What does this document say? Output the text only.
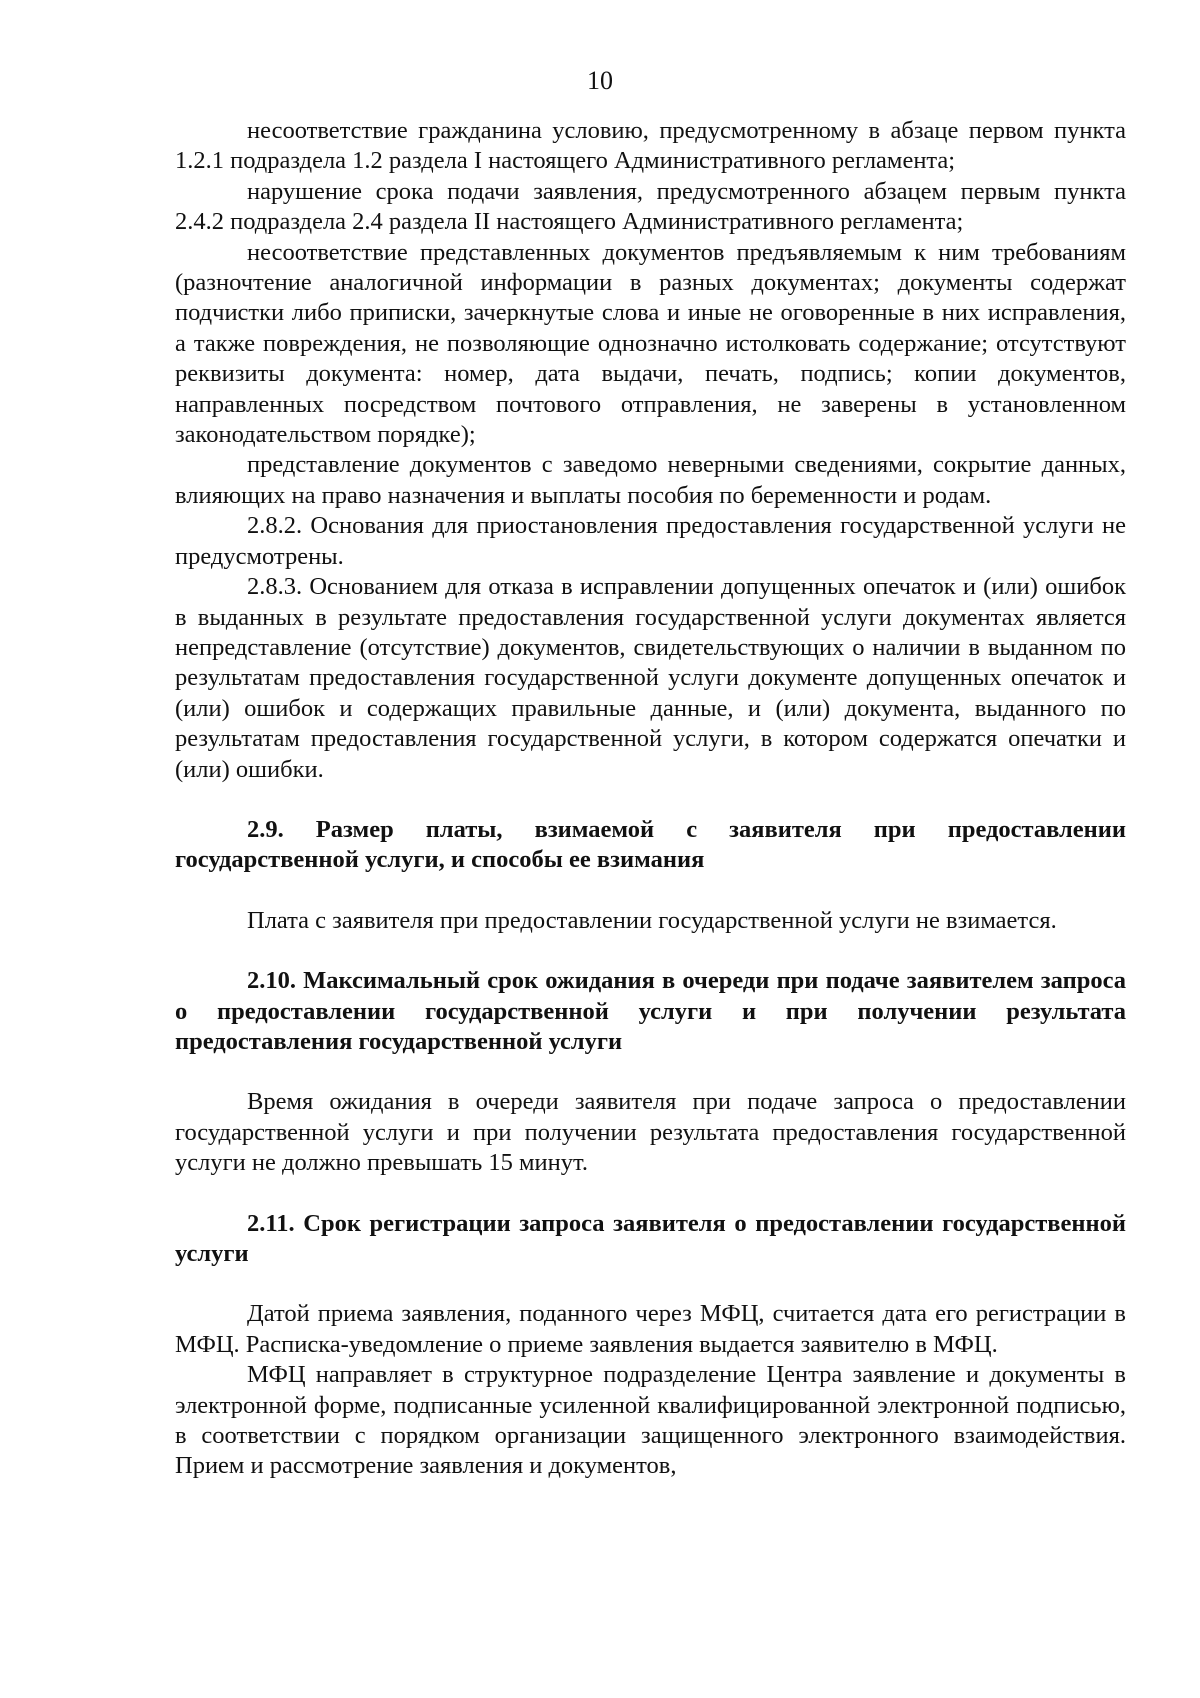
10

несоответствие гражданина условию, предусмотренному в абзаце первом пункта 1.2.1 подраздела 1.2 раздела I настоящего Административного регламента;

нарушение срока подачи заявления, предусмотренного абзацем первым пункта 2.4.2 подраздела 2.4 раздела II настоящего Административного регламента;

несоответствие представленных документов предъявляемым к ним требованиям (разночтение аналогичной информации в разных документах; документы содержат подчистки либо приписки, зачеркнутые слова и иные не оговоренные в них исправления, а также повреждения, не позволяющие однозначно истолковать содержание; отсутствуют реквизиты документа: номер, дата выдачи, печать, подпись; копии документов, направленных посредством почтового отправления, не заверены в установленном законодательством порядке);

представление документов с заведомо неверными сведениями, сокрытие данных, влияющих на право назначения и выплаты пособия по беременности и родам.

2.8.2. Основания для приостановления предоставления государственной услуги не предусмотрены.

2.8.3. Основанием для отказа в исправлении допущенных опечаток и (или) ошибок в выданных в результате предоставления государственной услуги документах является непредставление (отсутствие) документов, свидетельствующих о наличии в выданном по результатам предоставления государственной услуги документе допущенных опечаток и (или) ошибок и содержащих правильные данные, и (или) документа, выданного по результатам предоставления государственной услуги, в котором содержатся опечатки и (или) ошибки.

2.9. Размер платы, взимаемой с заявителя при предоставлении государственной услуги, и способы ее взимания

Плата с заявителя при предоставлении государственной услуги не взимается.

2.10. Максимальный срок ожидания в очереди при подаче заявителем запроса о предоставлении государственной услуги и при получении результата предоставления государственной услуги

Время ожидания в очереди заявителя при подаче запроса о предоставлении государственной услуги и при получении результата предоставления государственной услуги не должно превышать 15 минут.

2.11. Срок регистрации запроса заявителя о предоставлении государственной услуги

Датой приема заявления, поданного через МФЦ, считается дата его регистрации в МФЦ. Расписка-уведомление о приеме заявления выдается заявителю в МФЦ.

МФЦ направляет в структурное подразделение Центра заявление и документы в электронной форме, подписанные усиленной квалифицированной электронной подписью, в соответствии с порядком организации защищенного электронного взаимодействия. Прием и рассмотрение заявления и документов,
